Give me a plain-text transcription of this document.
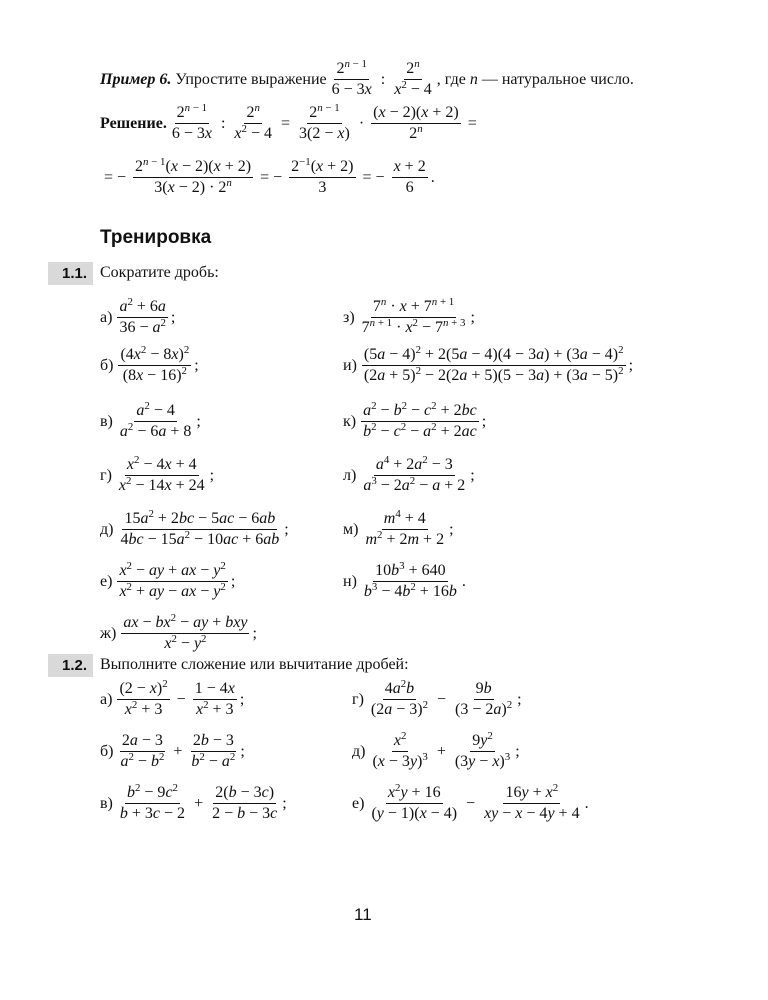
Пример 6.
Упростите выражение $\frac{2^n ^{- 1}}{6 - 3x}$ : $\frac{2^n}{x^2 - 4}$ , где
n
— натуральное число.
Решение. $\frac{2^n ^{- 1}}{6 - 3x}$ : $\frac{2^n}{x^2 - 4} = \frac{2^n ^{- 1}}{3(2 - x)} \cdot \frac{(x - 2)(x + 2)}{2^n}$ =
= − $\frac{2^n ^{- 1}(x - 2)(x + 2)}{3(x - 2) \cdot 2^n}$ = − $\frac{2^{-1}(x + 2)}{3}$ = − $\frac{x + 2}{6}$ .
Тренировка
1.1. Сократите дробь:
$а) \frac{a^2 + 6a}{36 - a^2}$ ;
$б) \frac{(4x^2 - 8x)^2}{(8x - 16)^2}$ ;
$в) \frac{a^2 - 4}{a^2 - 6a + 8}$ ;
$г) \frac{x^2 - 4x + 4}{x^2 - 14x + 24}$ ;
$д) \frac{15a^2 + 2bc - 5ac - 6ab}{4bc - 15a^2 - 10ac + 6ab}$ ;
$е) \frac{x^2 - ay + ax - y^2}{x^2 + ay - ax - y^2}$ ;
$ж) \frac{ax - bx^2 - ay + bxy}{x^2 - y^2}$ ;
$з) \frac{7^n \cdot x + 7^{n + 1}}{7^{n + 1} \cdot x^2 - 7^{n + 3}}$ ;
$и) \frac{(5a - 4)^2 + 2(5a - 4)(4 - 3a) + (3a - 4)^2}{(2a + 5)^2 - 2(2a + 5)(5 - 3a) + (3a - 5)^2}$ ;
$к) \frac{a^2 - b^2 - c^2 + 2bc}{b^2 - c^2 - a^2 + 2ac}$ ;
$л) \frac{a^4 + 2a^2 - 3}{a^3 - 2a^2 - a + 2}$ ;
$м) \frac{m^4 + 4}{m^2 + 2m + 2}$ ;
$н) \frac{10b^3 + 640}{b^3 - 4b^2 + 16b}$ .
1.2. Выполните сложение или вычитание дробей:
$а) \frac{(2 - x)^2}{x^2 + 3} - \frac{1 - 4x}{x^2 + 3}$ ;
$б) \frac{2a - 3}{a^2 - b^2} + \frac{2b - 3}{b^2 - a^2}$ ;
$в) \frac{b^2 - 9c^2}{b + 3c - 2} + \frac{2(b - 3c)}{2 - b - 3c}$ ;
$г) \frac{4a^2b}{(2a - 3)^2} - \frac{9b}{(3 - 2a)^2}$ ;
$д) \frac{x^2}{(x - 3y)^3} + \frac{9y^2}{(3y - x)^3}$ ;
$е) \frac{x^2y + 16}{(y - 1)(x - 4)} - \frac{16y + x^2}{xy - x - 4y + 4}$ .
11
